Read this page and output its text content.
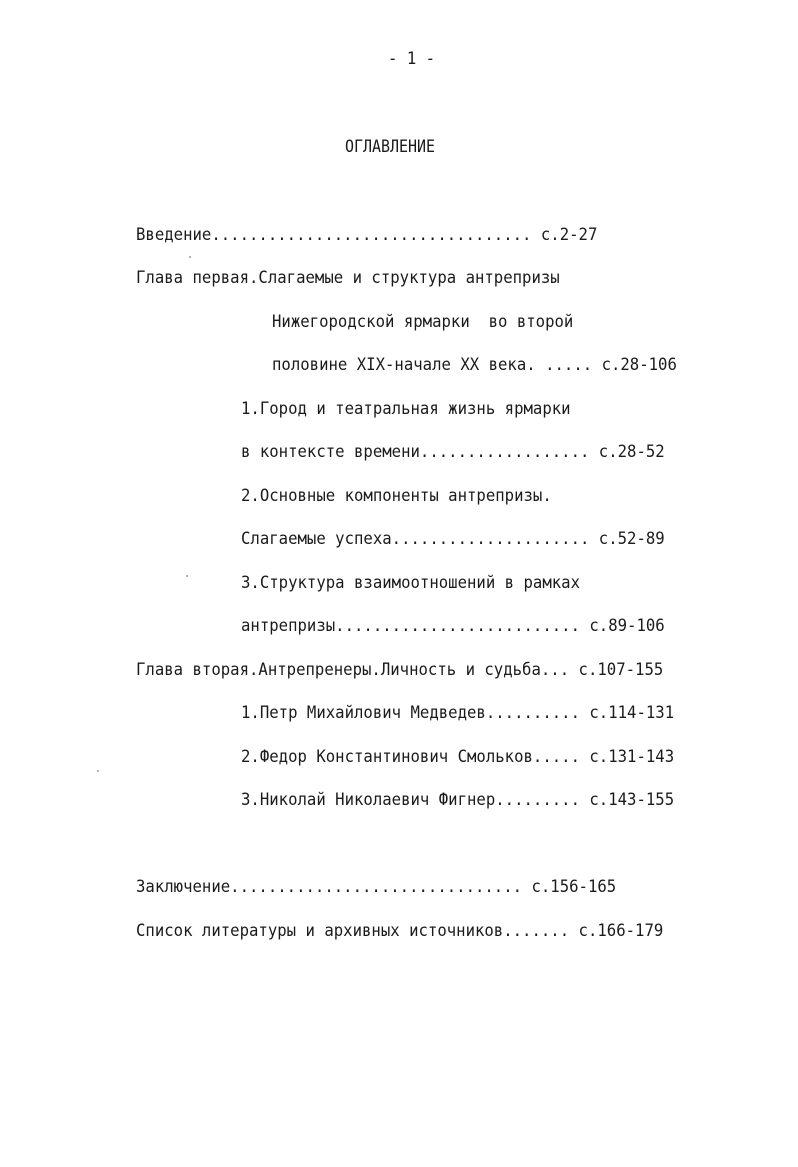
- 1 -
ОГЛАВЛЕНИЕ
Введение.................................. с.2-27
Глава первая.Слагаемые и структура антрепризы
Нижегородской ярмарки  во второй
половине XIX-начале XX века. ..... с.28-106
1.Город и театральная жизнь ярмарки
в контексте времени.................. с.28-52
2.Основные компоненты антрепризы.
Слагаемые успеха..................... с.52-89
3.Структура взаимоотношений в рамках
антрепризы.......................... с.89-106
Глава вторая.Антрепренеры.Личность и судьба... с.107-155
1.Петр Михайлович Медведев.......... с.114-131
2.Федор Константинович Смольков..... с.131-143
3.Николай Николаевич Фигнер......... с.143-155
Заключение............................... с.156-165
Список литературы и архивных источников....... с.166-179
